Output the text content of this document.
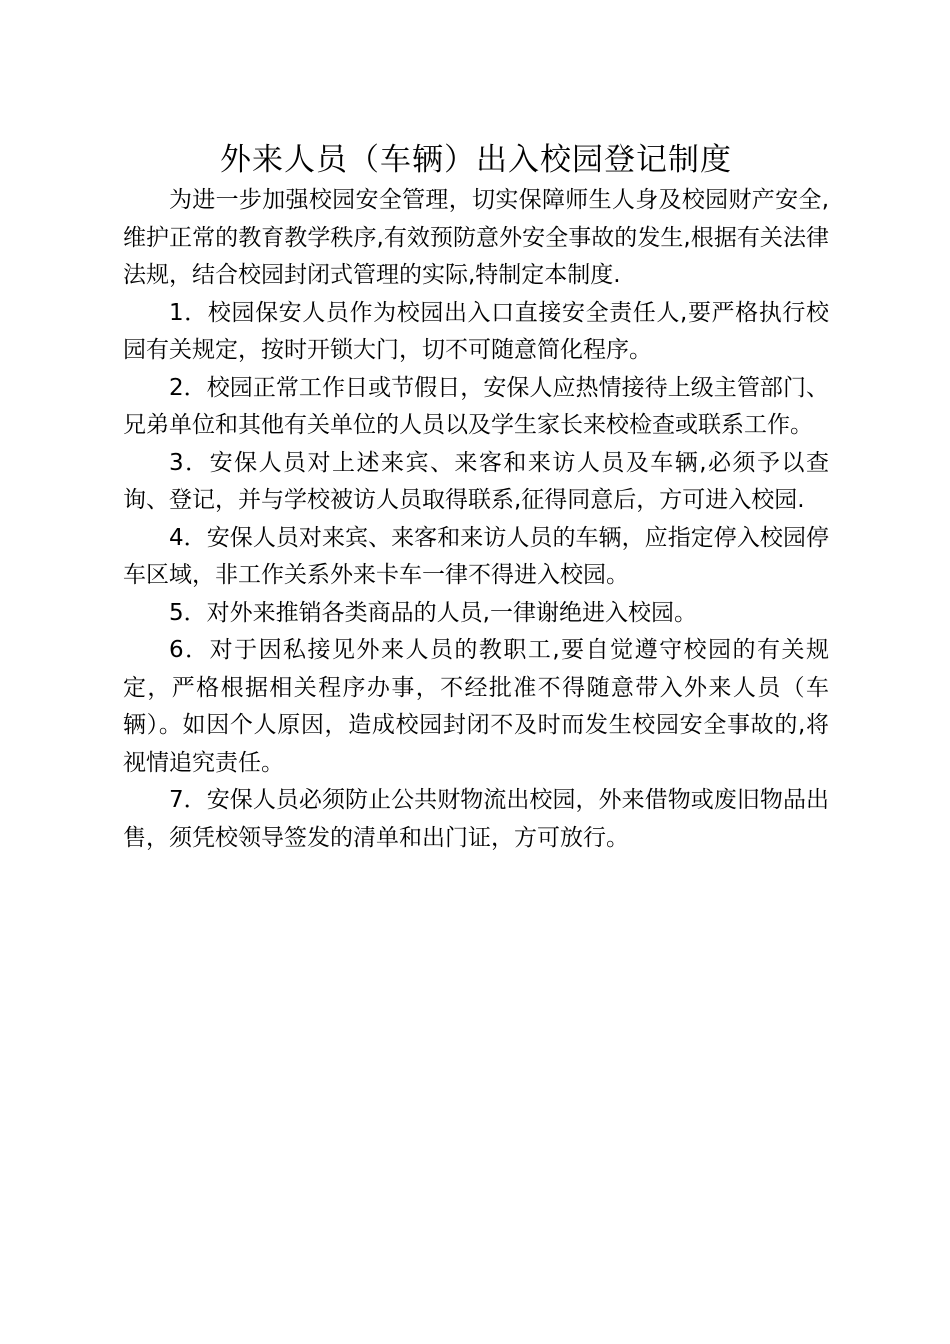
外来人员（车辆）出入校园登记制度

为进一步加强校园安全管理，切实保障师生人身及校园财产安全,维护正常的教育教学秩序,有效预防意外安全事故的发生,根据有关法律法规，结合校园封闭式管理的实际,特制定本制度.

1．校园保安人员作为校园出入口直接安全责任人,要严格执行校园有关规定，按时开锁大门，切不可随意简化程序。

2．校园正常工作日或节假日，安保人应热情接待上级主管部门、兄弟单位和其他有关单位的人员以及学生家长来校检查或联系工作。

3．安保人员对上述来宾、来客和来访人员及车辆,必须予以查询、登记，并与学校被访人员取得联系,征得同意后，方可进入校园.

4．安保人员对来宾、来客和来访人员的车辆，应指定停入校园停车区域，非工作关系外来卡车一律不得进入校园。

5．对外来推销各类商品的人员,一律谢绝进入校园。

6．对于因私接见外来人员的教职工,要自觉遵守校园的有关规定，严格根据相关程序办事，不经批准不得随意带入外来人员（车辆）。如因个人原因，造成校园封闭不及时而发生校园安全事故的,将视情追究责任。

7．安保人员必须防止公共财物流出校园，外来借物或废旧物品出售，须凭校领导签发的清单和出门证，方可放行。
